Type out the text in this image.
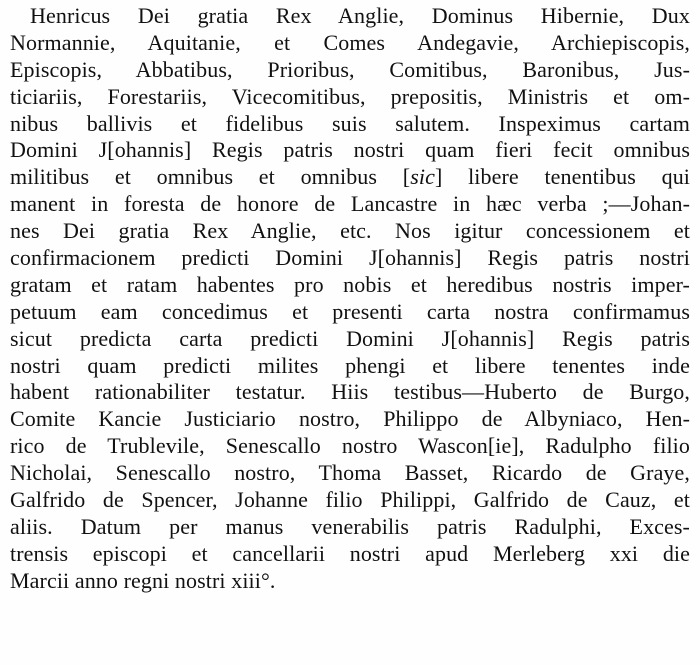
Henricus Dei gratia Rex Anglie, Dominus Hibernie, Dux
Normannie, Aquitanie, et Comes Andegavie, Archiepiscopis,
Episcopis, Abbatibus, Prioribus, Comitibus, Baronibus, Jus-
ticiariis, Forestariis, Vicecomitibus, prepositis, Ministris et om-
nibus ballivis et fidelibus suis salutem. Inspeximus cartam
Domini J[ohannis] Regis patris nostri quam fieri fecit omnibus
militibus et omnibus et omnibus [sic] libere tenentibus qui
manent in foresta de honore de Lancastre in hæc verba ;—Johan-
nes Dei gratia Rex Anglie, etc. Nos igitur concessionem et
confirmacionem predicti Domini J[ohannis] Regis patris nostri
gratam et ratam habentes pro nobis et heredibus nostris imper-
petuum eam concedimus et presenti carta nostra confirmamus
sicut predicta carta predicti Domini J[ohannis] Regis patris
nostri quam predicti milites phengi et libere tenentes inde
habent rationabiliter testatur. Hiis testibus—Huberto de Burgo,
Comite Kancie Justiciario nostro, Philippo de Albyniaco, Hen-
rico de Trublevile, Senescallo nostro Wascon[ie], Radulpho filio
Nicholai, Senescallo nostro, Thoma Basset, Ricardo de Graye,
Galfrido de Spencer, Johanne filio Philippi, Galfrido de Cauz, et
aliis. Datum per manus venerabilis patris Radulphi, Exces-
trensis episcopi et cancellarii nostri apud Merleberg xxi die
Marcii anno regni nostri xiii°.
